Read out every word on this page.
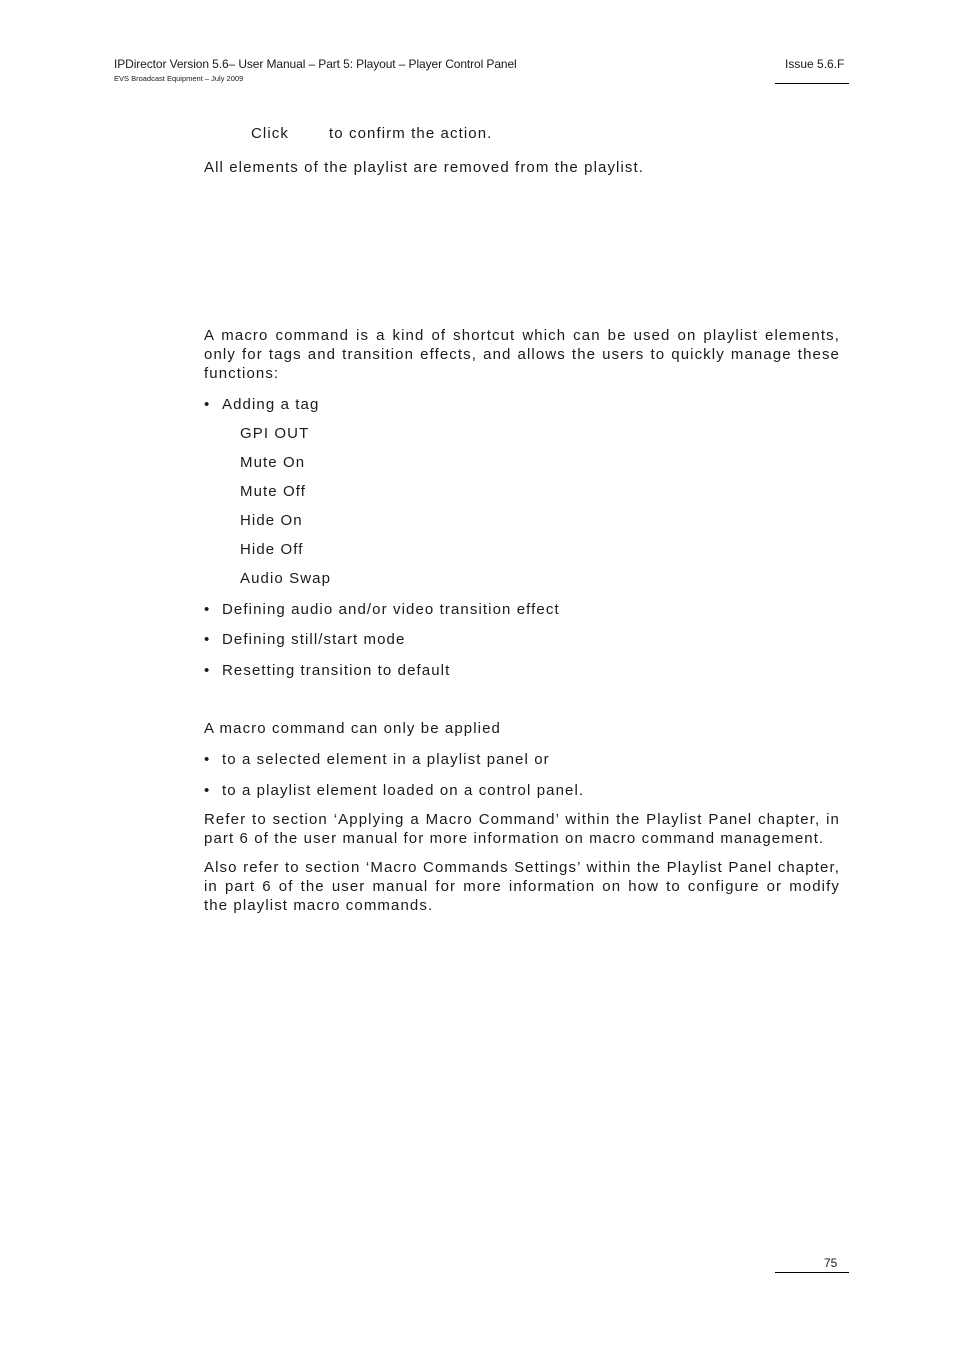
IPDirector Version 5.6– User Manual – Part 5: Playout – Player Control Panel
EVS Broadcast Equipment – July 2009
Issue 5.6.F
Click	to confirm the action.
All elements of the playlist are removed from the playlist.
A macro command is a kind of shortcut which can be used on playlist elements, only for tags and transition effects, and allows the users to quickly manage these functions:
• Adding a tag
GPI OUT
Mute On
Mute Off
Hide On
Hide Off
Audio Swap
• Defining audio and/or video transition effect
• Defining still/start mode
• Resetting transition to default
A macro command can only be applied
• to a selected element in a playlist panel or
• to a playlist element loaded on a control panel.
Refer to section ‘Applying a Macro Command’ within the Playlist Panel chapter, in part 6 of the user manual for more information on macro command management.
Also refer to section ‘Macro Commands Settings’ within the Playlist Panel chapter, in part 6 of the user manual for more information on how to configure or modify the playlist macro commands.
75
